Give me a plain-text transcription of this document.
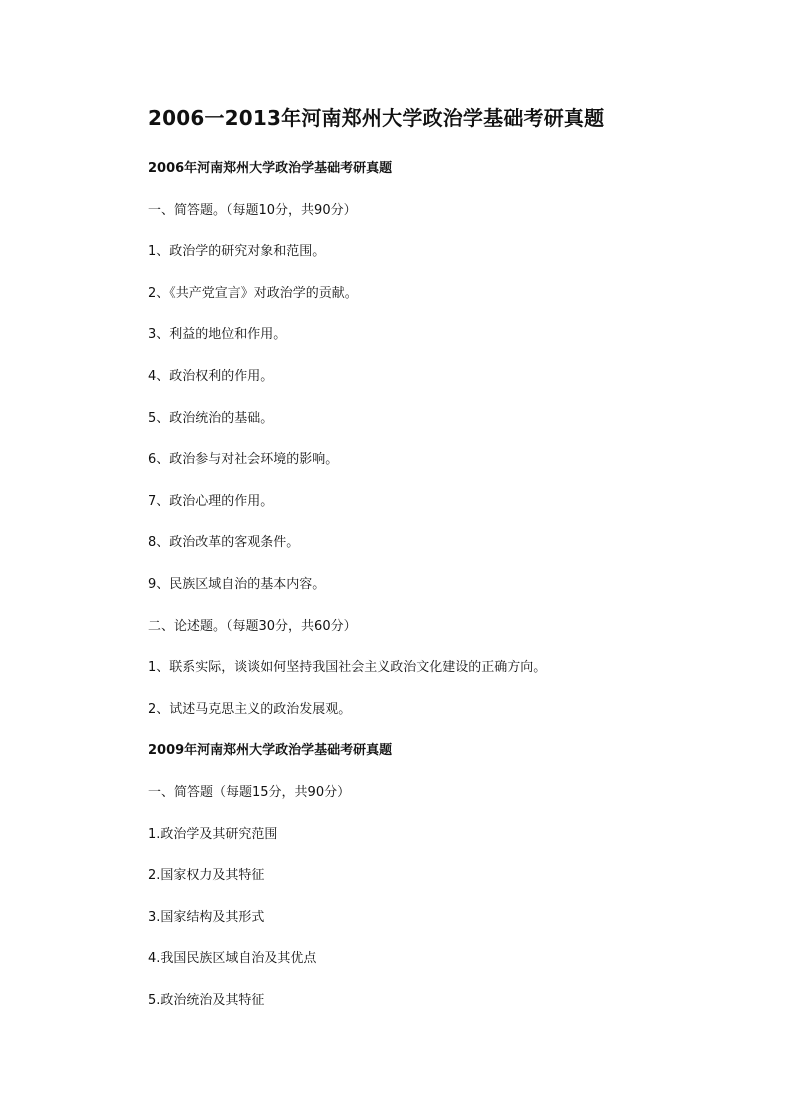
2006一2013年河南郑州大学政治学基础考研真题
2006年河南郑州大学政治学基础考研真题
一、简答题。（每题10分，共90分）
1、政治学的研究对象和范围。
2、《共产党宣言》对政治学的贡献。
3、利益的地位和作用。
4、政治权利的作用。
5、政治统治的基础。
6、政治参与对社会环境的影响。
7、政治心理的作用。
8、政治改革的客观条件。
9、民族区域自治的基本内容。
二、论述题。（每题30分，共60分）
1、联系实际，谈谈如何坚持我国社会主义政治文化建设的正确方向。
2、试述马克思主义的政治发展观。
2009年河南郑州大学政治学基础考研真题
一、简答题（每题15分，共90分）
1.政治学及其研究范围
2.国家权力及其特征
3.国家结构及其形式
4.我国民族区域自治及其优点
5.政治统治及其特征
